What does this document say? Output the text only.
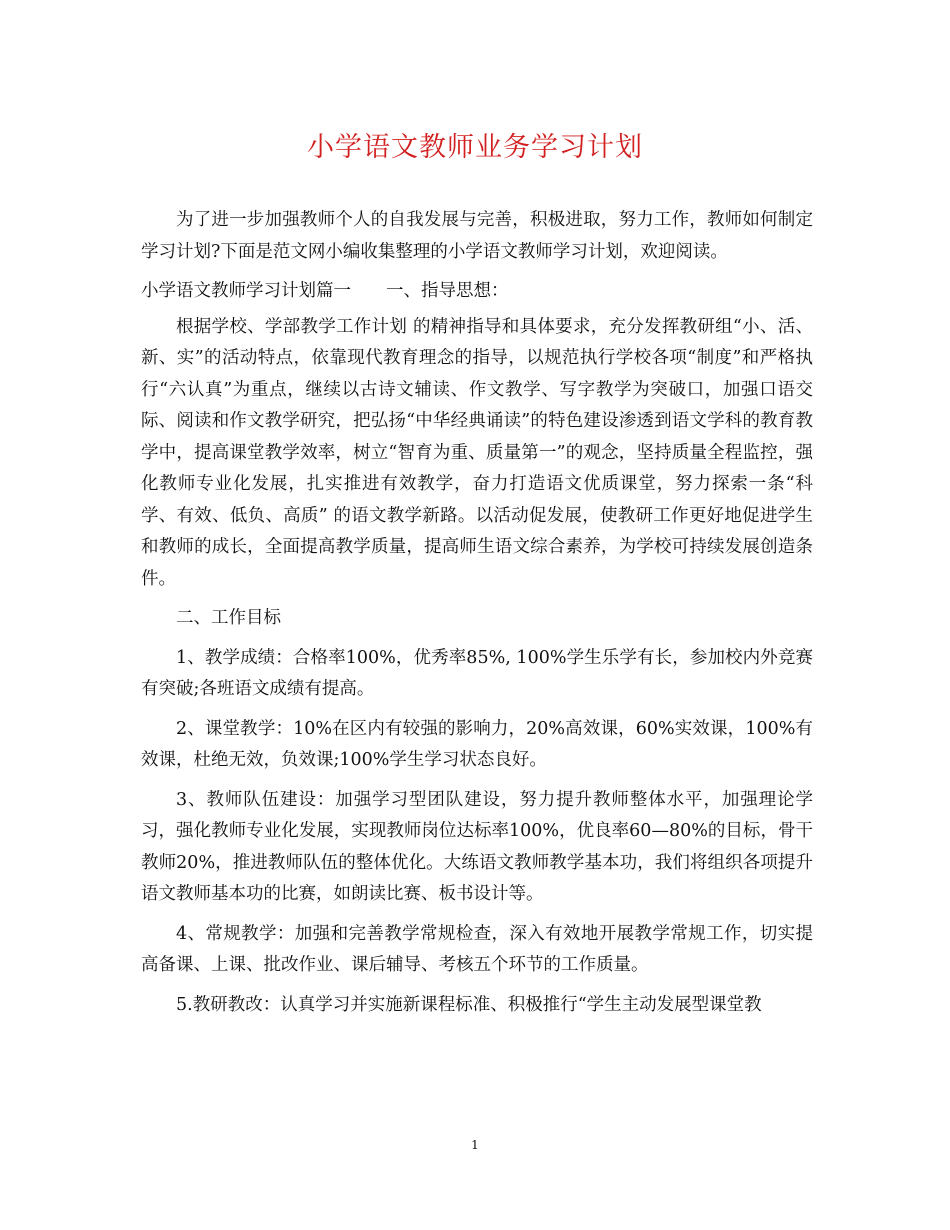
小学语文教师业务学习计划

为了进一步加强教师个人的自我发展与完善，积极进取，努力工作，教师如何制定学习计划?下面是范文网小编收集整理的小学语文教师学习计划，欢迎阅读。

小学语文教师学习计划篇一　　一、指导思想：

根据学校、学部教学工作计划 的精神指导和具体要求，充分发挥教研组“小、活、新、实”的活动特点，依靠现代教育理念的指导，以规范执行学校各项“制度”和严格执行“六认真”为重点，继续以古诗文辅读、作文教学、写字教学为突破口，加强口语交际、阅读和作文教学研究，把弘扬“中华经典诵读”的特色建设渗透到语文学科的教育教学中，提高课堂教学效率，树立“智育为重、质量第一”的观念，坚持质量全程监控，强化教师专业化发展，扎实推进有效教学，奋力打造语文优质课堂，努力探索一条“科学、有效、低负、高质” 的语文教学新路。以活动促发展，使教研工作更好地促进学生和教师的成长，全面提高教学质量，提高师生语文综合素养，为学校可持续发展创造条件。

二、工作目标

1、教学成绩：合格率100%，优秀率85%, 100%学生乐学有长，参加校内外竞赛有突破;各班语文成绩有提高。

2、课堂教学：10%在区内有较强的影响力，20%高效课，60%实效课，100%有效课，杜绝无效，负效课;100%学生学习状态良好。

3、教师队伍建设：加强学习型团队建设，努力提升教师整体水平，加强理论学习，强化教师专业化发展，实现教师岗位达标率100%，优良率60—80%的目标，骨干教师20%，推进教师队伍的整体优化。大练语文教师教学基本功，我们将组织各项提升语文教师基本功的比赛，如朗读比赛、板书设计等。

4、常规教学：加强和完善教学常规检查，深入有效地开展教学常规工作，切实提高备课、上课、批改作业、课后辅导、考核五个环节的工作质量。

5.教研教改：认真学习并实施新课程标准、积极推行“学生主动发展型课堂教

1
